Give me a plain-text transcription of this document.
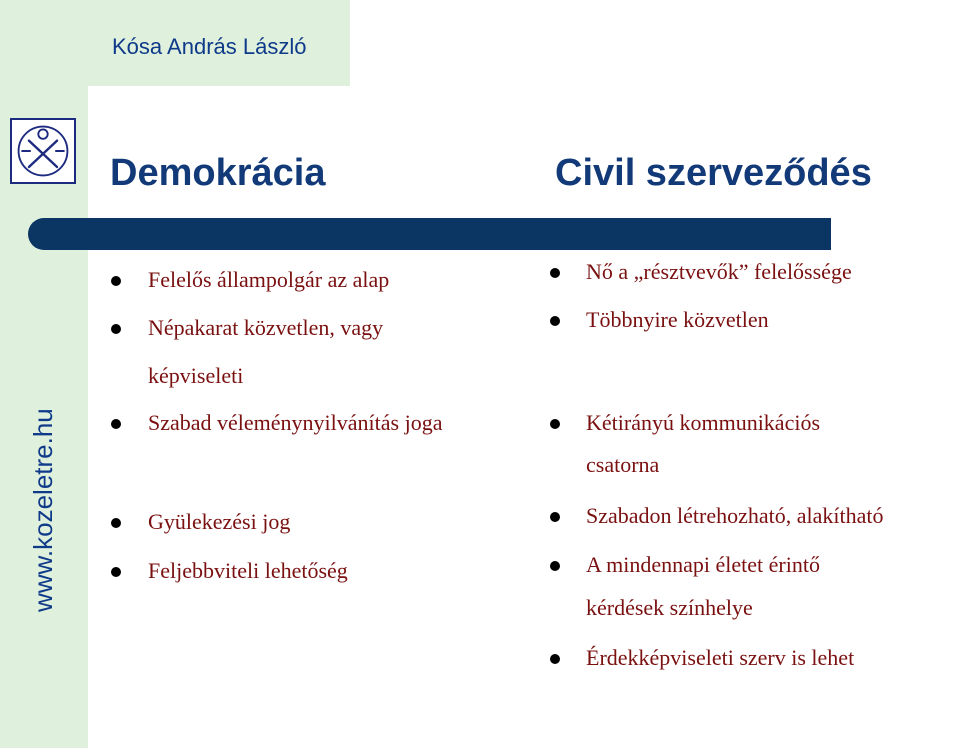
Kósa András László
Demokrácia	Civil szerveződés
www.kozeletre.hu
Felelős állampolgár az alap
Népakarat közvetlen, vagy
képviseleti
Szabad véleménynyilvánítás joga
Gyülekezési jog
Feljebbviteli lehetőség
Nő a „résztvevők” felelőssége
Többnyire közvetlen
Kétirányú kommunikációs
csatorna
Szabadon létrehozható, alakítható
A mindennapi életet érintő
kérdések színhelye
Érdekképviseleti szerv is lehet
